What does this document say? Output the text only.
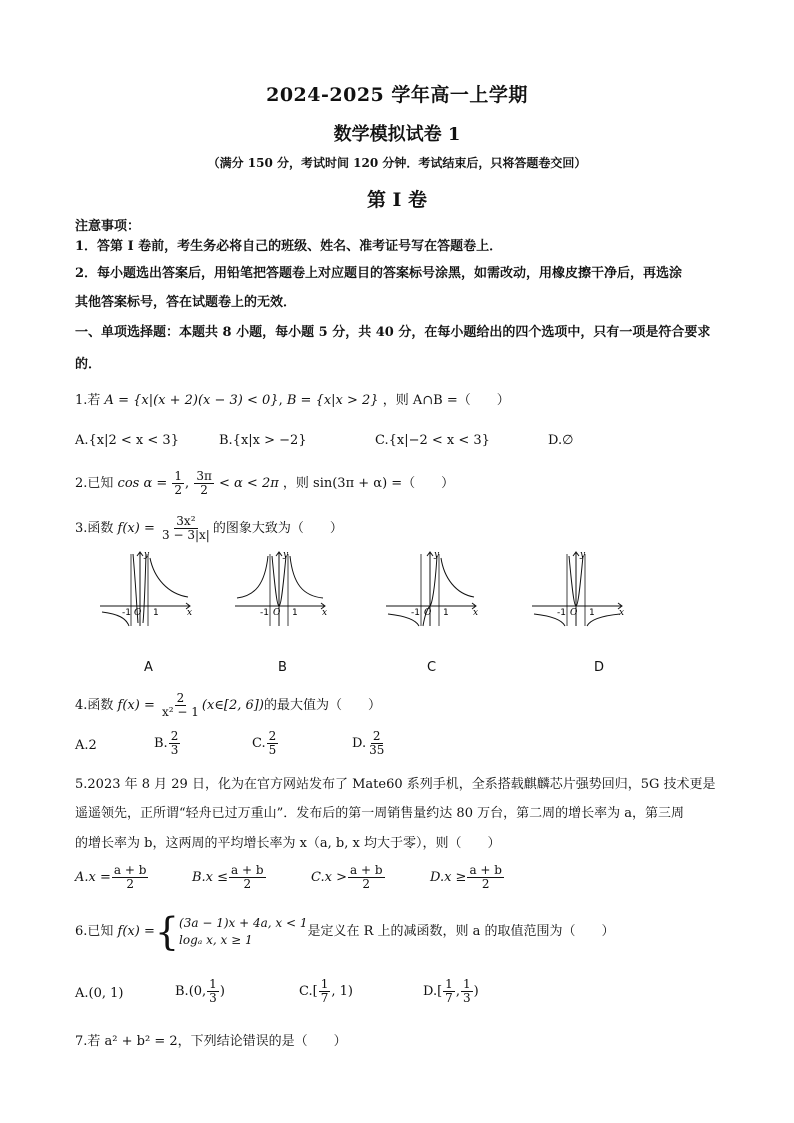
2024-2025 学年高一上学期
数学模拟试卷 1
（满分 150 分，考试时间 120 分钟．考试结束后，只将答题卷交回）
第 I 卷
注意事项：
1．答第 I 卷前，考生务必将自己的班级、姓名、准考证号写在答题卷上．
2．每小题选出答案后，用铅笔把答题卷上对应题目的答案标号涂黑，如需改动，用橡皮擦干净后，再选涂
其他答案标号，答在试题卷上的无效．
一、单项选择题：本题共 8 小题，每小题 5 分，共 40 分，在每小题给出的四个选项中，只有一项是符合要求
的．
1.若 A = {x|(x + 2)(x − 3) < 0}, B = {x|x > 2} ，则 A∩B =（　　）
A.{x|2 < x < 3}	B.{x|x > −2}	C.{x|−2 < x < 3}	D.∅
2.已知 $\cos \alpha = \frac{1}{2}$ , $\frac{3\pi}{2} < \alpha < 2\pi$ ，则 sin(3π + α) =（　　）
3.函数 $f(x) = \frac{\text{3x²}}{3 - 3|x|}$ 的图象大致为（　　）
-1 O 1	x
y
A
-1 O 1	x
y
B
-1 O 1	x
y
C
-1 O 1	x
y
D
4.函数 $f(x) = \frac{2}{\text{x² − 1}}$ (x∈[2, 6])的最大值为（　　）
A.2	B. $\frac{2}{3}$	C. $\frac{2}{5}$	D. $\frac{2}{35}$
5.2023 年 8 月 29 日，化为在官方网站发布了 Mate60 系列手机，全系搭载麒麟芯片强势回归，5G 技术更是
遥遥领先，正所谓“轻舟已过万重山”．发布后的第一周销售量约达 80 万台，第二周的增长率为 a，第三周
的增长率为 b，这两周的平均增长率为 x（a, b, x 均大于零），则（　　）
$A.x = \frac{a + b}{2}$	$B.x \le \frac{a + b}{2}$	$C.x > \frac{a + b}{2}$	$D.x \ge \frac{a + b}{2}$
6.已知 f(x) ={ (3a − 1)x + 4a, x < 1
logₐ x, x ≥ 1
是定义在 R 上的减函数，则 a 的取值范围为（　　）
A.(0, 1)	B.(0, $\frac{1}{3}$ )	$C.[ \frac{1}{7}$ , 1)	$D.[ \frac{1}{7}$ , $\frac{1}{3}$ )
7.若 a² + b² = 2，下列结论错误的是（　　）
